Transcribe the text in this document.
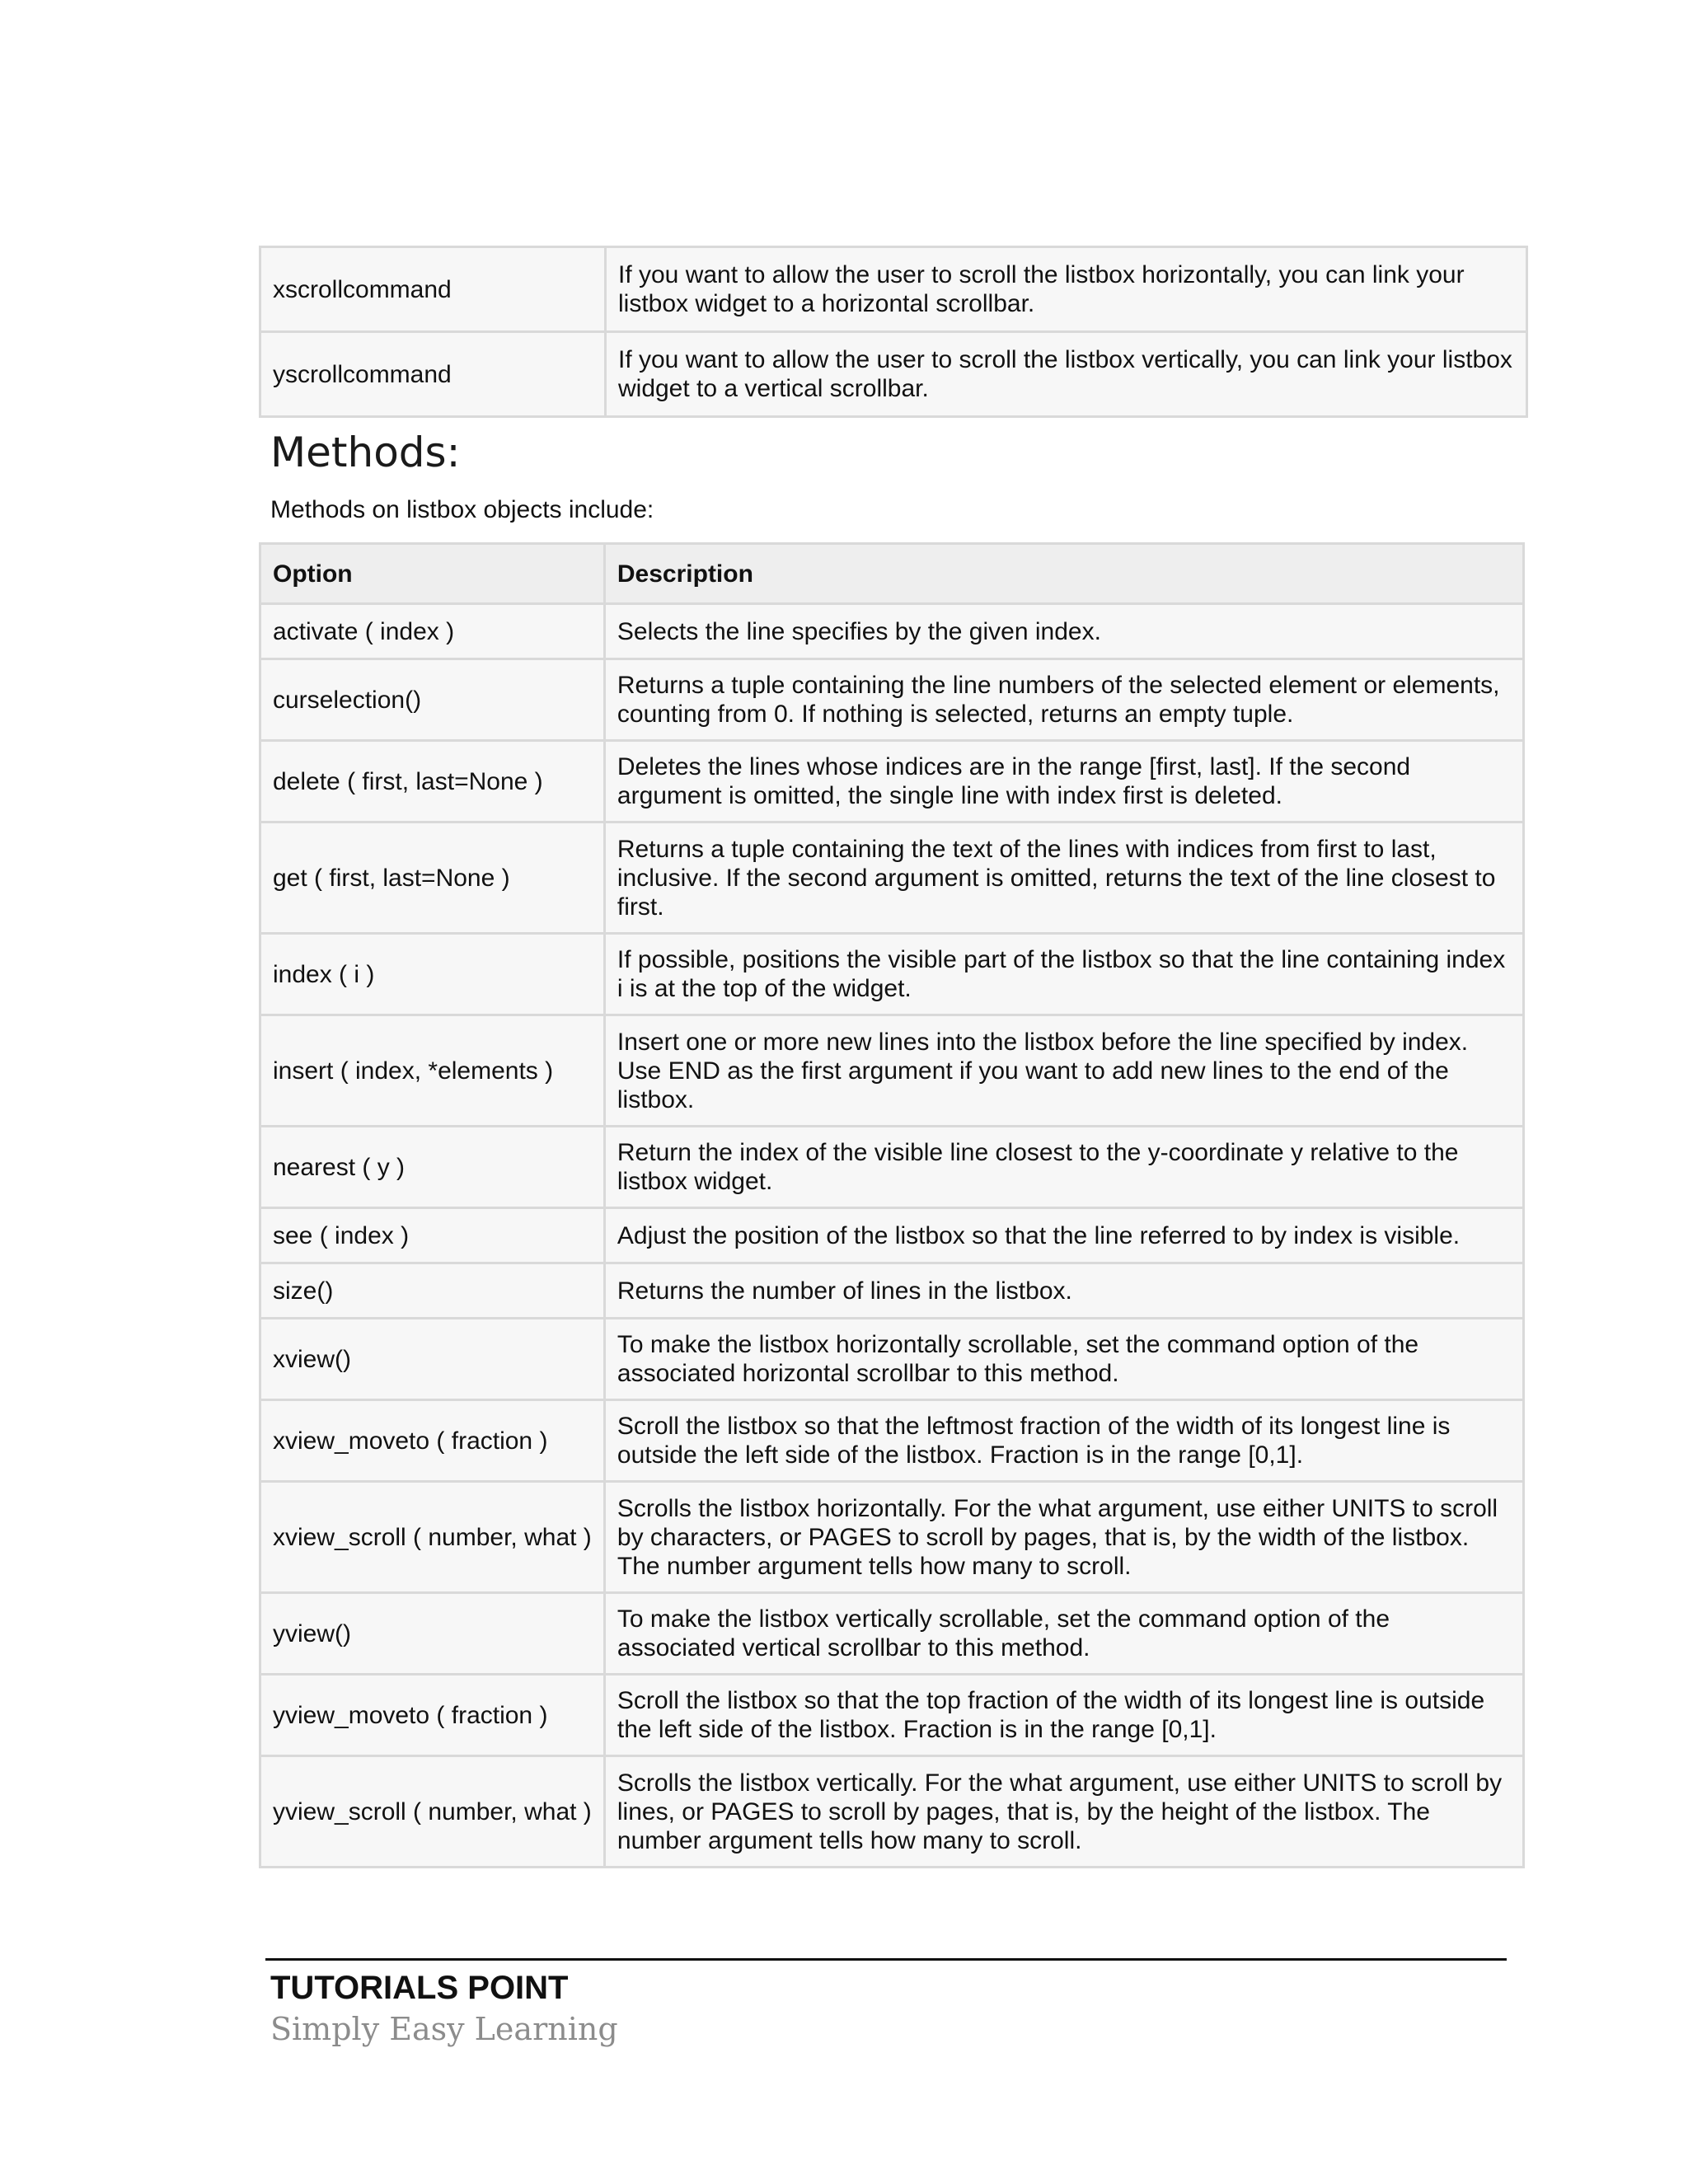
xscrollcommand	If you want to allow the user to scroll the listbox horizontally, you can link your listbox widget to a horizontal scrollbar.
yscrollcommand	If you want to allow the user to scroll the listbox vertically, you can link your listbox widget to a vertical scrollbar.
Methods:

Methods on listbox objects include:

Option	Description
activate ( index )	Selects the line specifies by the given index.
curselection()	Returns a tuple containing the line numbers of the selected element or elements, counting from 0. If nothing is selected, returns an empty tuple.
delete ( first, last=None )	Deletes the lines whose indices are in the range [first, last]. If the second argument is omitted, the single line with index first is deleted.
get ( first, last=None )	Returns a tuple containing the text of the lines with indices from first to last, inclusive. If the second argument is omitted, returns the text of the line closest to first.
index ( i )	If possible, positions the visible part of the listbox so that the line containing index i is at the top of the widget.
insert ( index, *elements )	Insert one or more new lines into the listbox before the line specified by index. Use END as the first argument if you want to add new lines to the end of the listbox.
nearest ( y )	Return the index of the visible line closest to the y-coordinate y relative to the listbox widget.
see ( index )	Adjust the position of the listbox so that the line referred to by index is visible.
size()	Returns the number of lines in the listbox.
xview()	To make the listbox horizontally scrollable, set the command option of the associated horizontal scrollbar to this method.
xview_moveto ( fraction )	Scroll the listbox so that the leftmost fraction of the width of its longest line is outside the left side of the listbox. Fraction is in the range [0,1].
xview_scroll ( number, what )	Scrolls the listbox horizontally. For the what argument, use either UNITS to scroll by characters, or PAGES to scroll by pages, that is, by the width of the listbox. The number argument tells how many to scroll.
yview()	To make the listbox vertically scrollable, set the command option of the associated vertical scrollbar to this method.
yview_moveto ( fraction )	Scroll the listbox so that the top fraction of the width of its longest line is outside the left side of the listbox. Fraction is in the range [0,1].
yview_scroll ( number, what )	Scrolls the listbox vertically. For the what argument, use either UNITS to scroll by lines, or PAGES to scroll by pages, that is, by the height of the listbox. The number argument tells how many to scroll.

TUTORIALS POINT

Simply Easy Learning
